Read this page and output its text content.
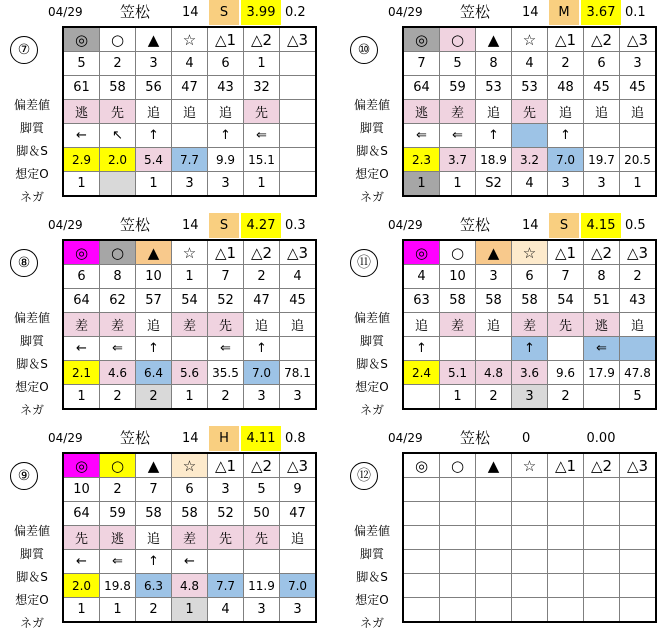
04/29 笠松 14	S	3.99 0.2
⑦
偏差値
脚質
脚＆S
想定O
ネガ
◎	○	▲	☆	△1	△2	△3
5	2	3	4	6	1	
61	58	56	47	43	32	
逃	先	追	追	追	先	
←	↖	↑		↑	⇐	
2.9	2.0	5.4	7.7	9.9	15.1	
1		1	3	3	1	
04/29 笠松 14	M	3.67 0.1
⑩
偏差値
脚質
脚＆S
想定O
ネガ
◎	○	▲	☆	△1	△2	△3
7	5	8	4	2	6	3
64	59	53	53	48	45	45
逃	差	追	先	追	追	追
⇐	⇐	↑		↑		
2.3	3.7	18.9	3.2	7.0	19.7	20.5
1	1	S2	4	3	3	1
04/29 笠松 14	S	4.27 0.3
⑧
偏差値
脚質
脚＆S
想定O
ネガ
◎	○	▲	☆	△1	△2	△3
6	8	10	1	7	2	4
64	62	57	54	52	47	45
差	差	追	差	先	追	追
←	⇐	↑		⇐	↑	
2.1	4.6	6.4	5.6	35.5	7.0	78.1
1	2	2	1	2	3	3
04/29 笠松 14	S	4.15 0.5
⑪
偏差値
脚質
脚＆S
想定O
ネガ
◎	○	▲	☆	△1	△2	△3
4	10	3	6	7	8	2
63	58	58	58	54	51	43
追	差	追	差	先	逃	追
↑			↑		⇐	
2.4	5.1	4.8	3.6	9.6	17.9	47.8
	1	2	3	2		5
04/29 笠松 14	H	4.11 0.8
⑨
偏差値
脚質
脚＆S
想定O
ネガ
◎	○	▲	☆	△1	△2	△3
10	2	7	6	3	5	9
64	59	58	58	52	50	47
先	逃	追	差	先	先	追
←	⇐	↑	←			
2.0	19.8	6.3	4.8	7.7	11.9	7.0
1	1	2	1	4	3	3
04/29 笠松 0	0.00
⑫
偏差値
脚質
脚＆S
想定O
ネガ
◎	○	▲	☆	△1	△2	△3
